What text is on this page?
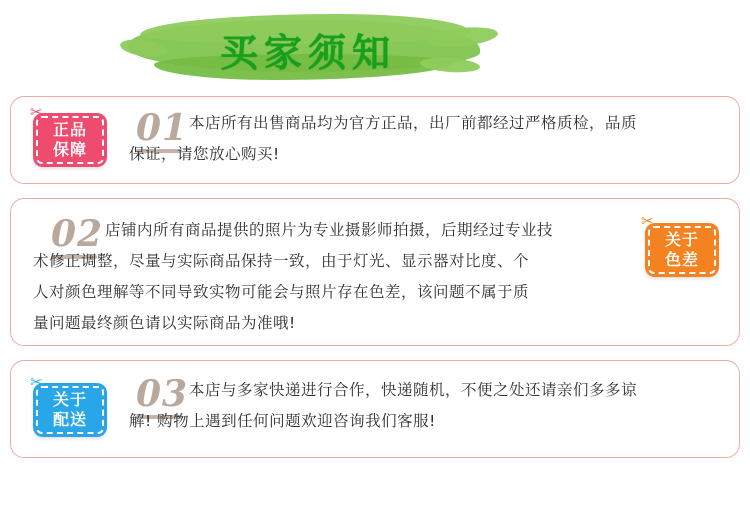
买家须知
✂
正品
保障
01 本店所有出售商品均为官方正品，出厂前都经过严格质检，品质
保证，请您放心购买!
✂
关于
色差
02 店铺内所有商品提供的照片为专业摄影师拍摄，后期经过专业技
术修正调整，尽量与实际商品保持一致，由于灯光、显示器对比度、个
人对颜色理解等不同导致实物可能会与照片存在色差，该问题不属于质
量问题最终颜色请以实际商品为准哦!
✂
关于
配送
03 本店与多家快递进行合作，快递随机，不便之处还请亲们多多谅
解! 购物上遇到任何问题欢迎咨询我们客服!
